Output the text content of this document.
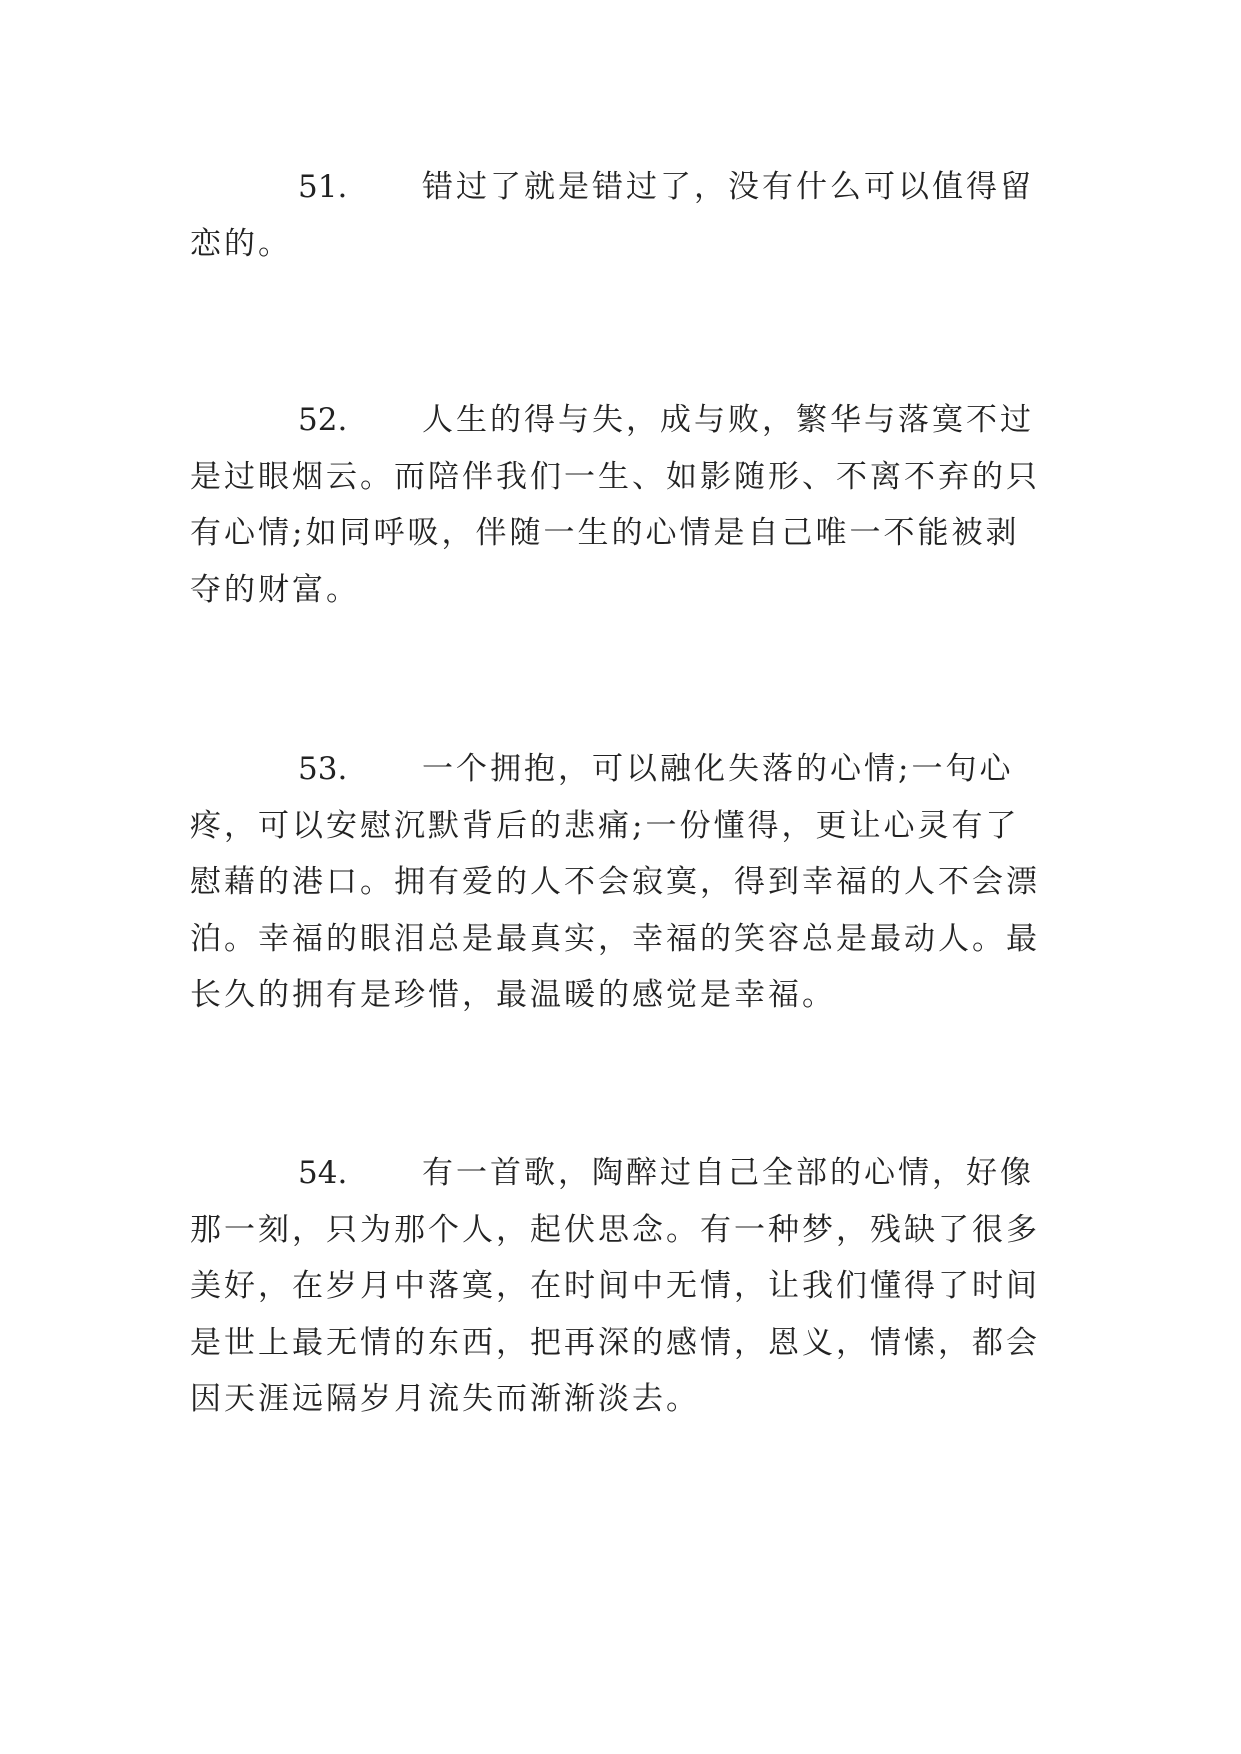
51. 错过了就是错过了，没有什么可以值得留恋的。
52. 人生的得与失，成与败，繁华与落寞不过是过眼烟云。而陪伴我们一生、如影随形、不离不弃的只有心情;如同呼吸，伴随一生的心情是自己唯一不能被剥夺的财富。
53. 一个拥抱，可以融化失落的心情;一句心疼，可以安慰沉默背后的悲痛;一份懂得，更让心灵有了慰藉的港口。拥有爱的人不会寂寞，得到幸福的人不会漂泊。幸福的眼泪总是最真实，幸福的笑容总是最动人。最长久的拥有是珍惜，最温暖的感觉是幸福。
54. 有一首歌，陶醉过自己全部的心情，好像那一刻，只为那个人，起伏思念。有一种梦，残缺了很多美好，在岁月中落寞，在时间中无情，让我们懂得了时间是世上最无情的东西，把再深的感情，恩义，情愫，都会因天涯远隔岁月流失而渐渐淡去。
